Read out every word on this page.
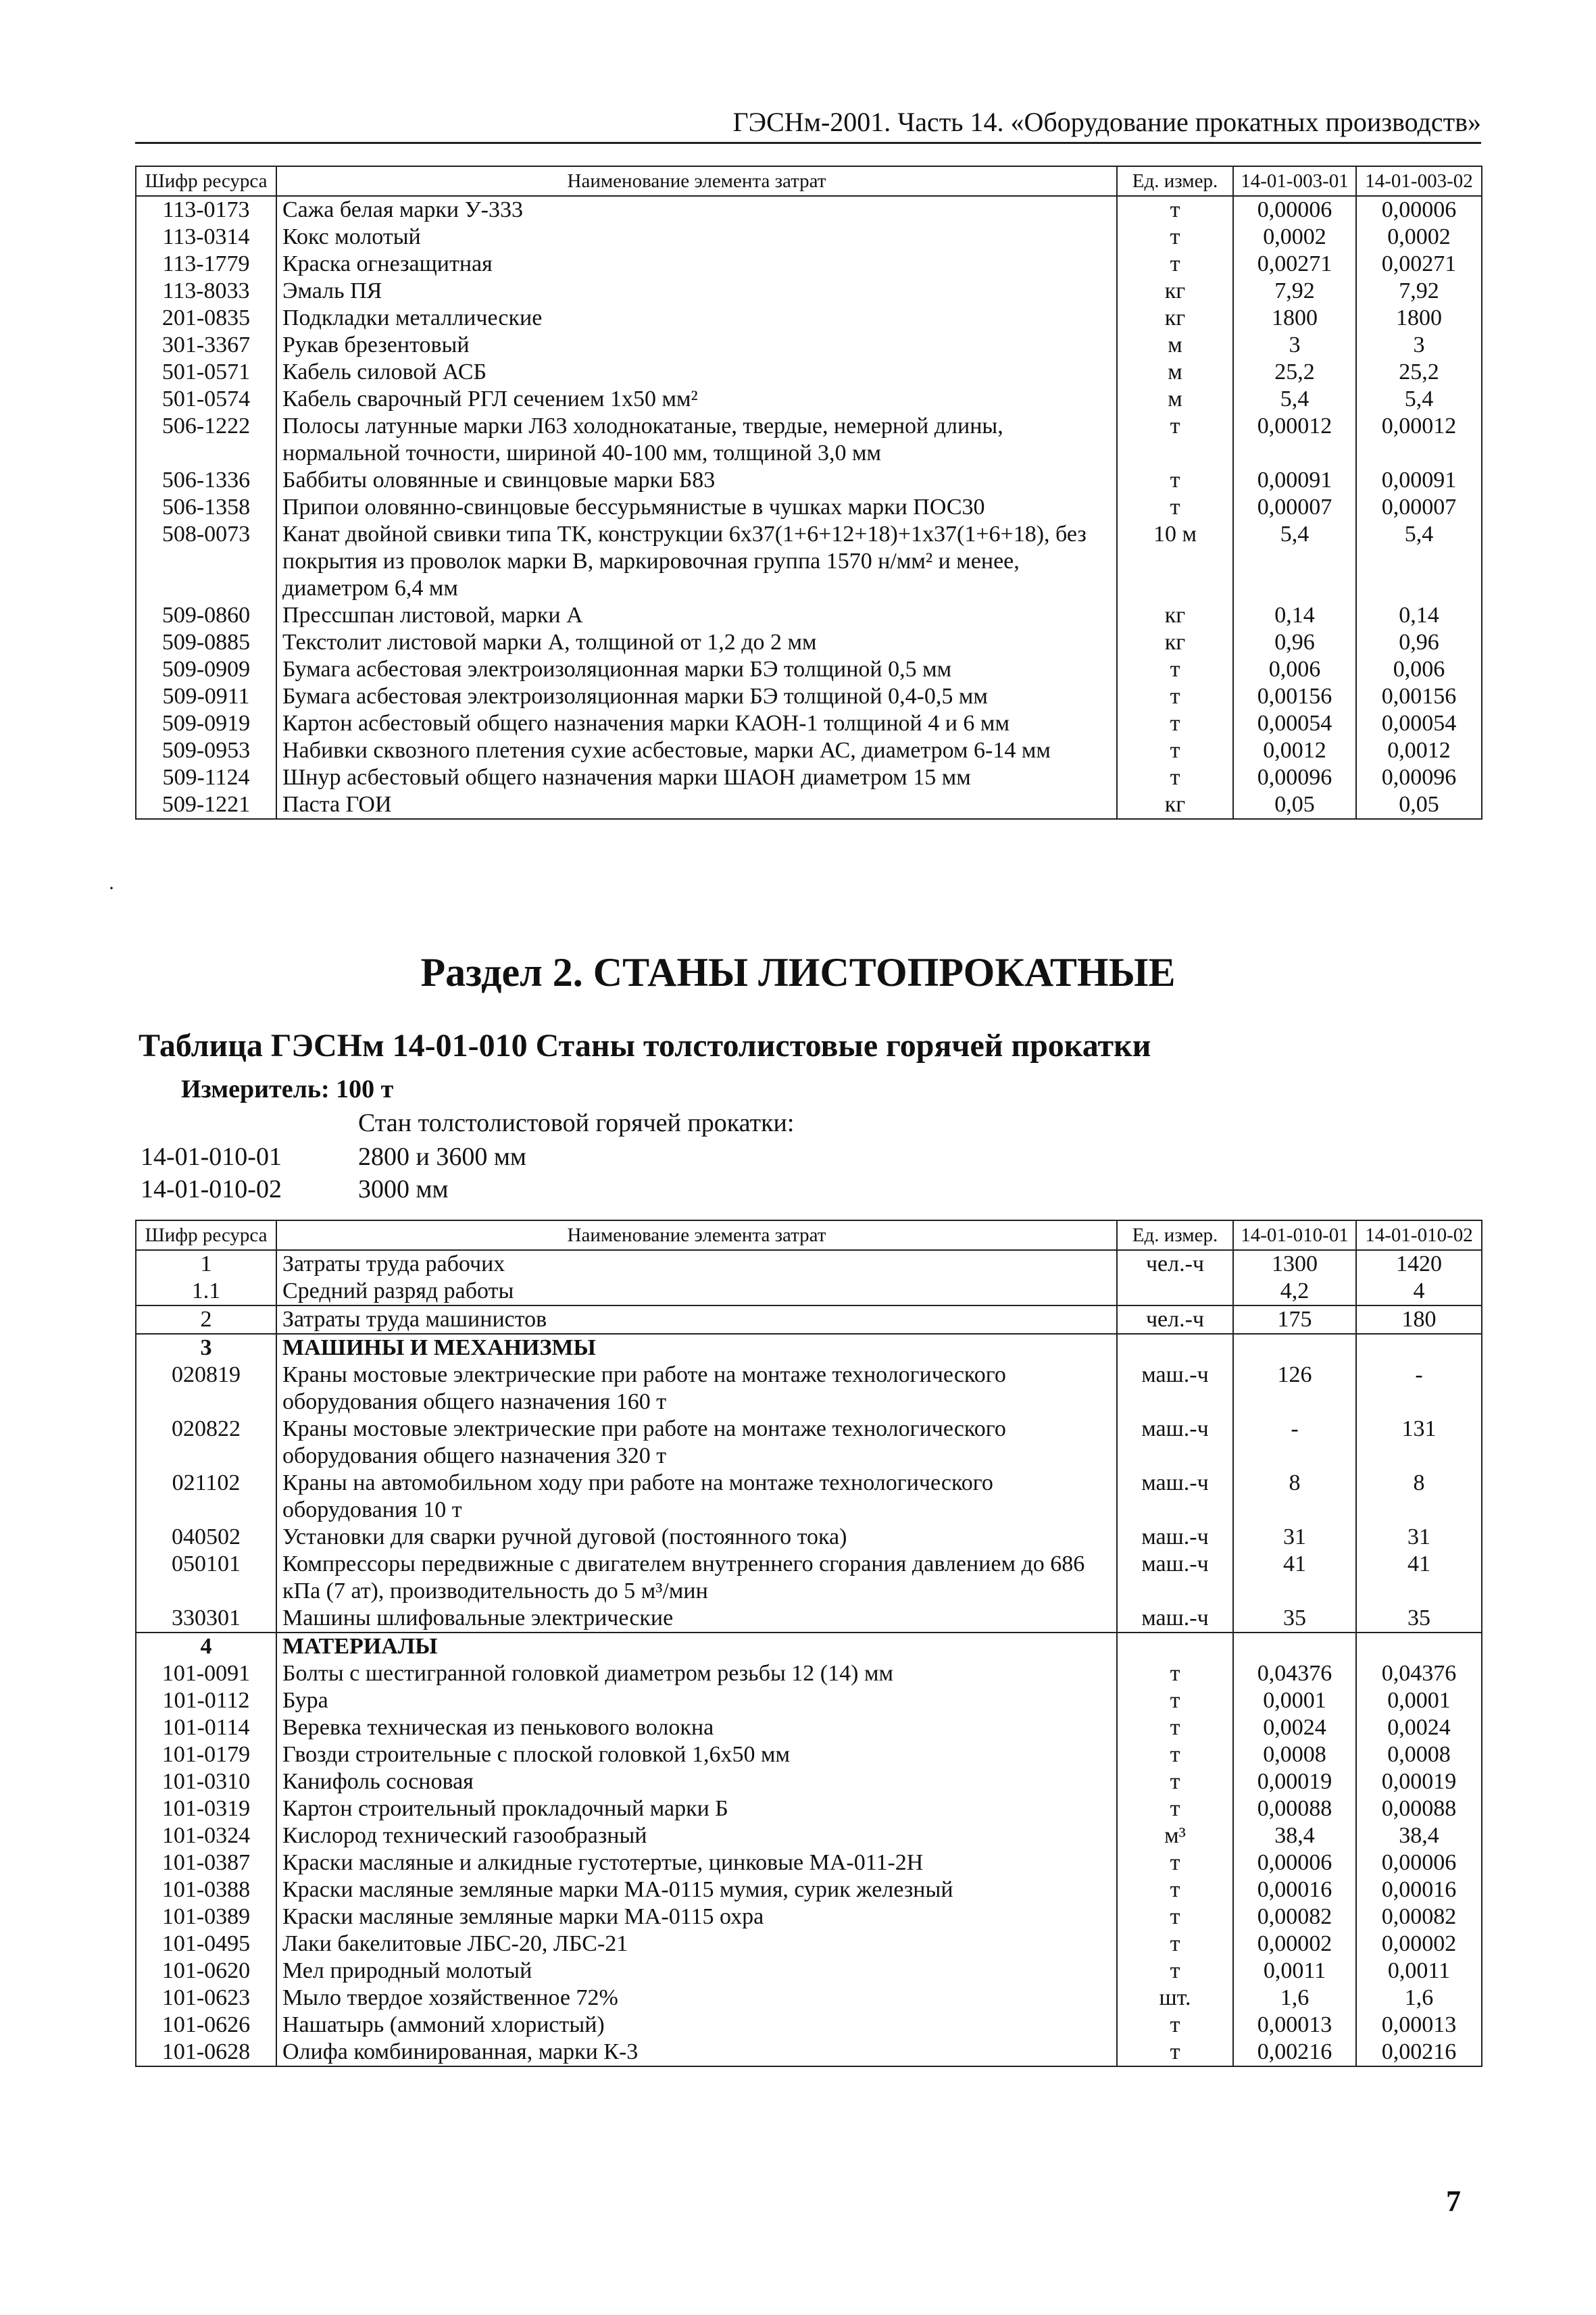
ГЭСНм-2001. Часть 14. «Оборудование прокатных производств»
Шифр ресурса	Наименование элемента затрат	Ед. измер.	14-01-003-01	14-01-003-02
113-0173	Сажа белая марки У-333	т	0,00006	0,00006
113-0314	Кокс молотый	т	0,0002	0,0002
113-1779	Краска огнезащитная	т	0,00271	0,00271
113-8033	Эмаль ПЯ	кг	7,92	7,92
201-0835	Подкладки металлические	кг	1800	1800
301-3367	Рукав брезентовый	м	3	3
501-0571	Кабель силовой АСБ	м	25,2	25,2
501-0574	Кабель сварочный РГЛ сечением 1х50 мм²	м	5,4	5,4
506-1222	Полосы латунные марки Л63 холоднокатаные, твердые, немерной длины, нормальной точности, шириной 40-100 мм, толщиной 3,0 мм	т	0,00012	0,00012
506-1336	Баббиты оловянные и свинцовые марки Б83	т	0,00091	0,00091
506-1358	Припои оловянно-свинцовые бессурьмянистые в чушках марки ПОС30	т	0,00007	0,00007
508-0073	Канат двойной свивки типа ТК, конструкции 6х37(1+6+12+18)+1х37(1+6+18), без покрытия из проволок марки В, маркировочная группа 1570 н/мм² и менее, диаметром 6,4 мм	10 м	5,4	5,4
509-0860	Прессшпан листовой, марки А	кг	0,14	0,14
509-0885	Текстолит листовой марки А, толщиной от 1,2 до 2 мм	кг	0,96	0,96
509-0909	Бумага асбестовая электроизоляционная марки БЭ толщиной 0,5 мм	т	0,006	0,006
509-0911	Бумага асбестовая электроизоляционная марки БЭ толщиной 0,4-0,5 мм	т	0,00156	0,00156
509-0919	Картон асбестовый общего назначения марки КАОН-1 толщиной 4 и 6 мм	т	0,00054	0,00054
509-0953	Набивки сквозного плетения сухие асбестовые, марки АС, диаметром 6-14 мм	т	0,0012	0,0012
509-1124	Шнур асбестовый общего назначения марки ШАОН диаметром 15 мм	т	0,00096	0,00096
509-1221	Паста ГОИ	кг	0,05	0,05
·
Раздел 2. СТАНЫ ЛИСТОПРОКАТНЫЕ
Таблица ГЭСНм 14-01-010 Станы толстолистовые горячей прокатки
Измеритель: 100 т
Стан толстолистовой горячей прокатки:
14-01-010-01	2800 и 3600 мм
14-01-010-02	3000 мм
Шифр ресурса	Наименование элемента затрат	Ед. измер.	14-01-010-01	14-01-010-02
1	Затраты труда рабочих	чел.-ч	1300	1420
1.1	Средний разряд работы		4,2	4
2	Затраты труда машинистов	чел.-ч	175	180
3	МАШИНЫ И МЕХАНИЗМЫ			
020819	Краны мостовые электрические при работе на монтаже технологического оборудования общего назначения 160 т	маш.-ч	126	-
020822	Краны мостовые электрические при работе на монтаже технологического оборудования общего назначения 320 т	маш.-ч	-	131
021102	Краны на автомобильном ходу при работе на монтаже технологического оборудования 10 т	маш.-ч	8	8
040502	Установки для сварки ручной дуговой (постоянного тока)	маш.-ч	31	31
050101	Компрессоры передвижные с двигателем внутреннего сгорания давлением до 686 кПа (7 ат), производительность до 5 м³/мин	маш.-ч	41	41
330301	Машины шлифовальные электрические	маш.-ч	35	35
4	МАТЕРИАЛЫ			
101-0091	Болты с шестигранной головкой диаметром резьбы 12 (14) мм	т	0,04376	0,04376
101-0112	Бура	т	0,0001	0,0001
101-0114	Веревка техническая из пенькового волокна	т	0,0024	0,0024
101-0179	Гвозди строительные с плоской головкой 1,6х50 мм	т	0,0008	0,0008
101-0310	Канифоль сосновая	т	0,00019	0,00019
101-0319	Картон строительный прокладочный марки Б	т	0,00088	0,00088
101-0324	Кислород технический газообразный	м³	38,4	38,4
101-0387	Краски масляные и алкидные густотертые, цинковые МА-011-2Н	т	0,00006	0,00006
101-0388	Краски масляные земляные марки МА-0115 мумия, сурик железный	т	0,00016	0,00016
101-0389	Краски масляные земляные марки МА-0115 охра	т	0,00082	0,00082
101-0495	Лаки бакелитовые ЛБС-20, ЛБС-21	т	0,00002	0,00002
101-0620	Мел природный молотый	т	0,0011	0,0011
101-0623	Мыло твердое хозяйственное 72%	шт.	1,6	1,6
101-0626	Нашатырь (аммоний хлористый)	т	0,00013	0,00013
101-0628	Олифа комбинированная, марки К-3	т	0,00216	0,00216
7
